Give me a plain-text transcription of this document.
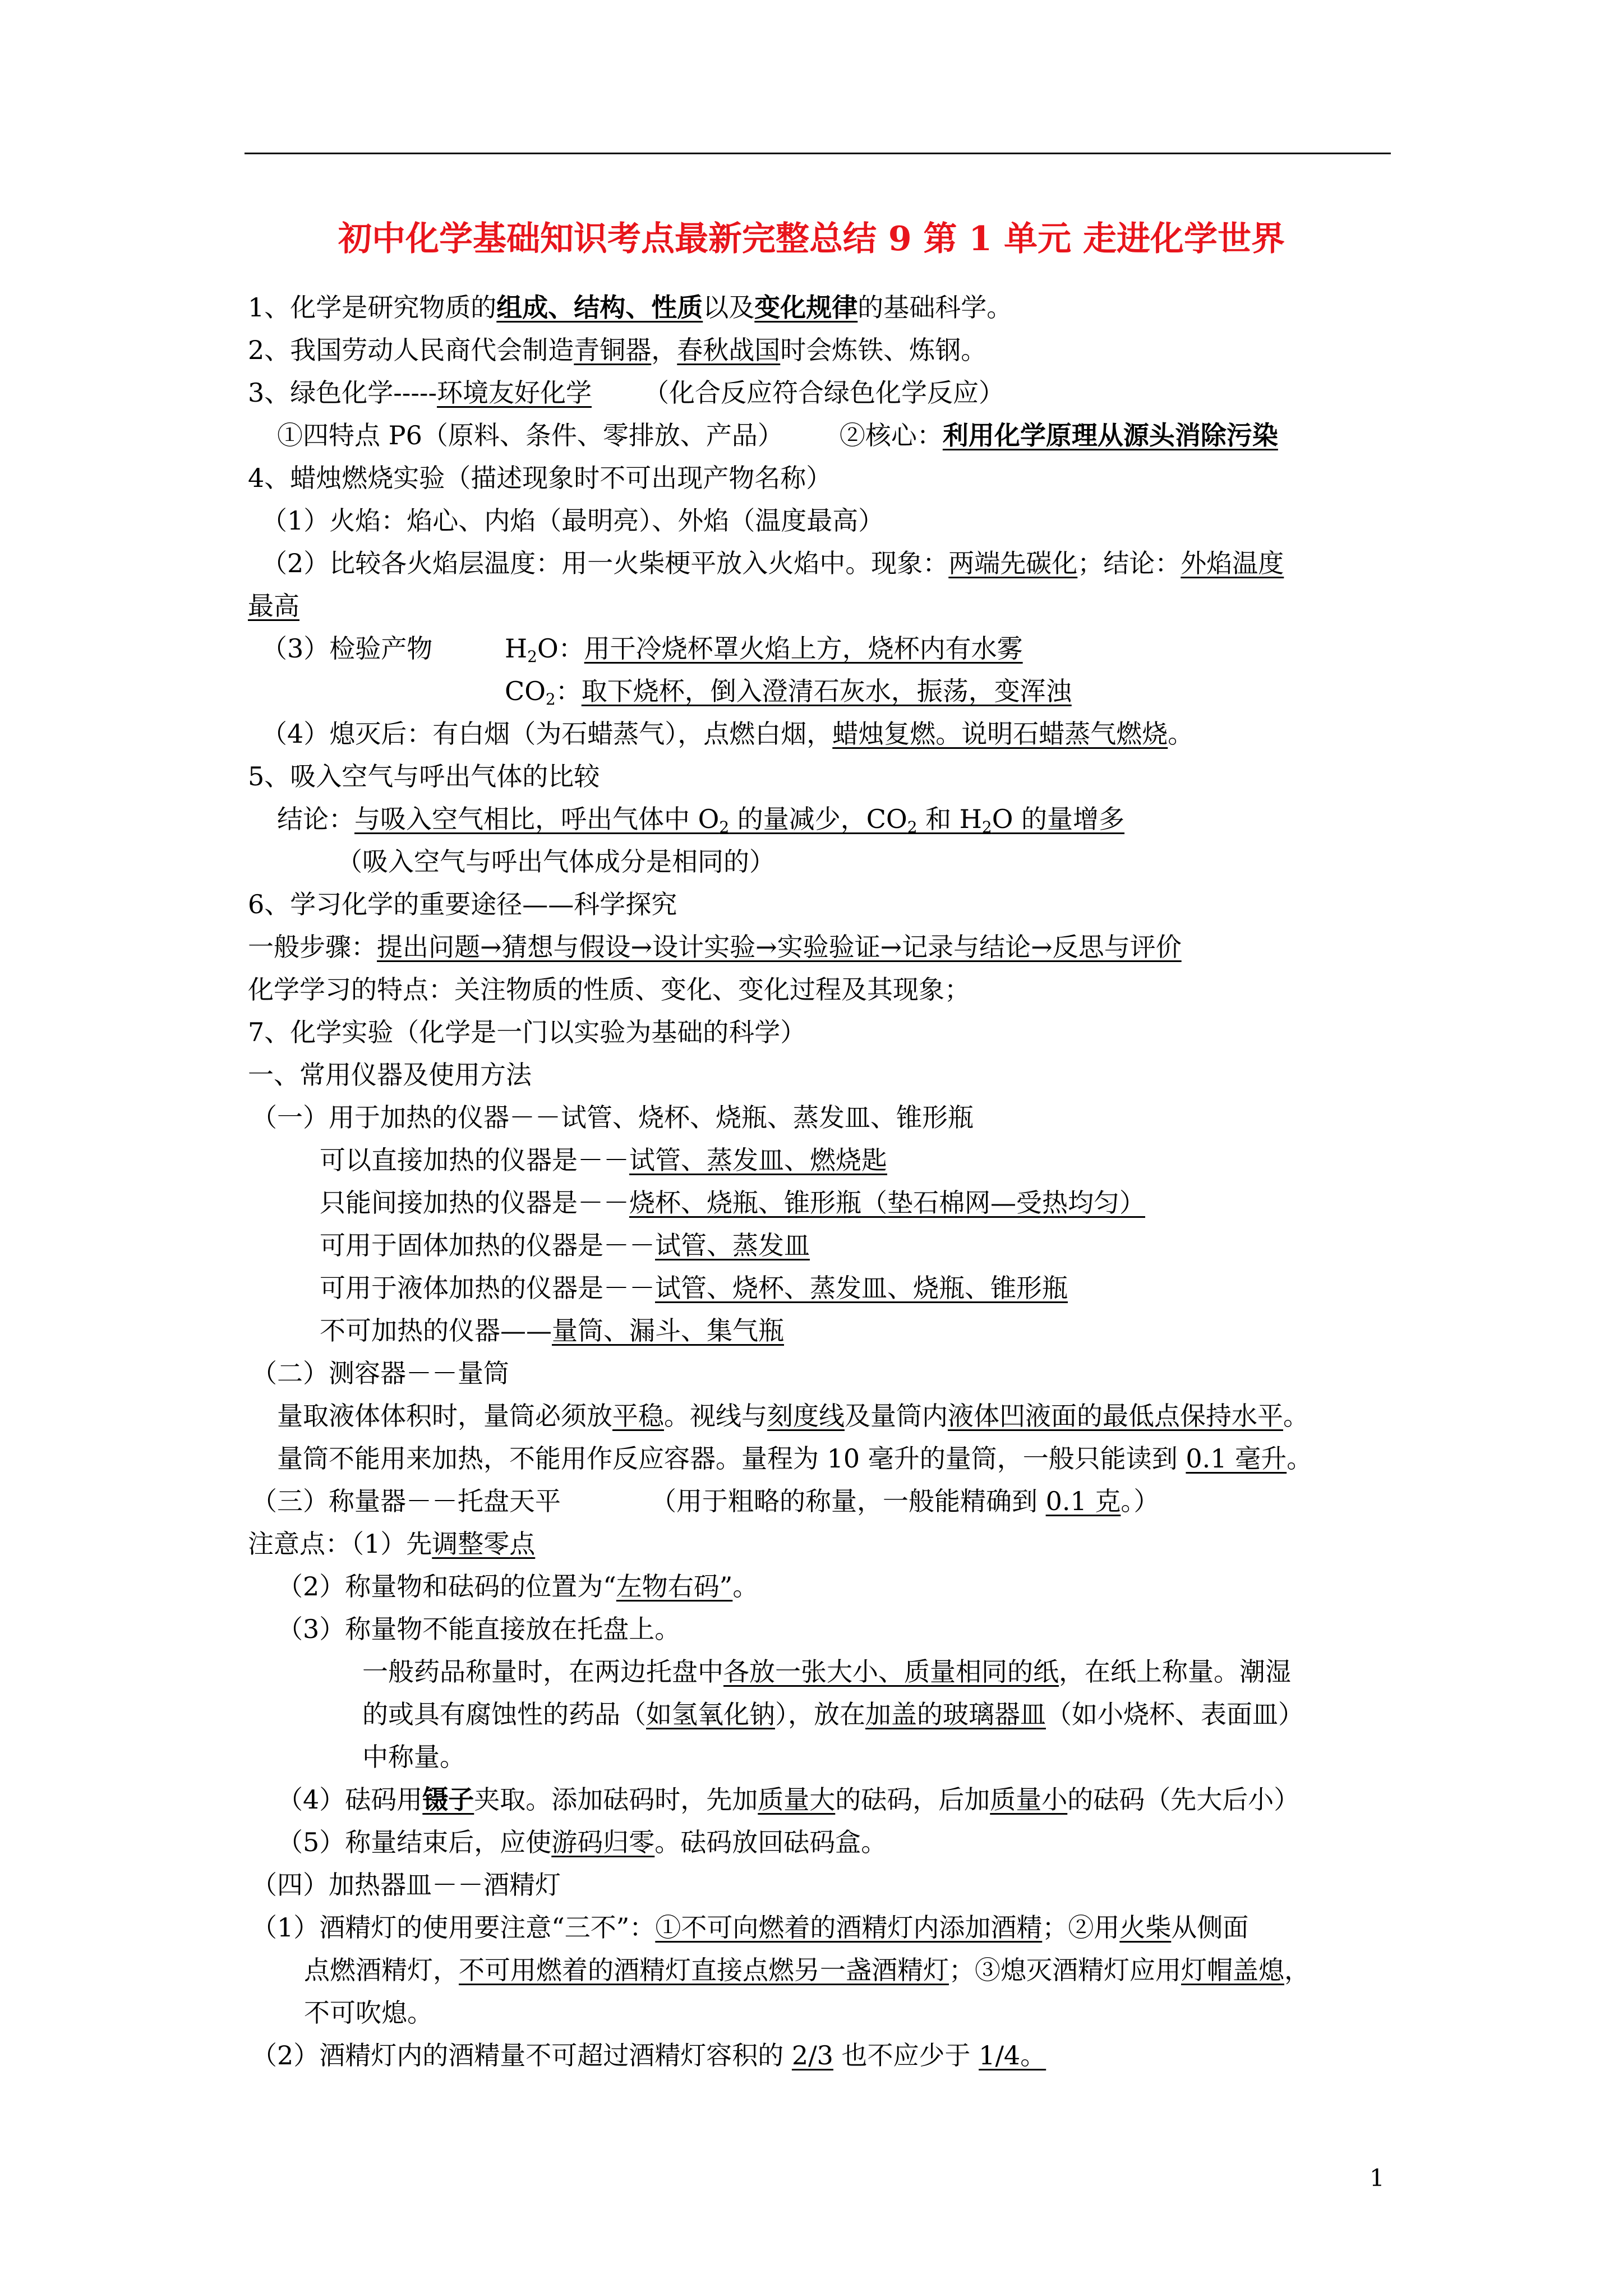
初中化学基础知识考点最新完整总结 9 第 1 单元 走进化学世界
1、化学是研究物质的组成、结构、性质以及变化规律的基础科学。
2、我国劳动人民商代会制造青铜器，春秋战国时会炼铁、炼钢。
3、绿色化学-----环境友好化学 （化合反应符合绿色化学反应）
①四特点 P6（原料、条件、零排放、产品） ②核心：利用化学原理从源头消除污染
4、蜡烛燃烧实验（描述现象时不可出现产物名称）
（1）火焰：焰心、内焰（最明亮）、外焰（温度最高）
（2）比较各火焰层温度：用一火柴梗平放入火焰中。现象：两端先碳化；结论：外焰温度
最高
（3）检验产物	$H_2O$：用干冷烧杯罩火焰上方，烧杯内有水雾
$CO_2$：取下烧杯，倒入澄清石灰水，振荡，变浑浊
（4）熄灭后：有白烟（为石蜡蒸气），点燃白烟，蜡烛复燃。说明石蜡蒸气燃烧。
5、吸入空气与呼出气体的比较
结论：与吸入空气相比，呼出气体中 $O_2$ 的量减少，$CO_2$ 和 $H_2O$ 的量增多
（吸入空气与呼出气体成分是相同的）
6、学习化学的重要途径——科学探究
一般步骤：提出问题→猜想与假设→设计实验→实验验证→记录与结论→反思与评价
化学学习的特点：关注物质的性质、变化、变化过程及其现象；
7、化学实验（化学是一门以实验为基础的科学）
一、常用仪器及使用方法
（一）用于加热的仪器－－试管、烧杯、烧瓶、蒸发皿、锥形瓶
可以直接加热的仪器是－－试管、蒸发皿、燃烧匙
只能间接加热的仪器是－－烧杯、烧瓶、锥形瓶（垫石棉网—受热均匀）
可用于固体加热的仪器是－－试管、蒸发皿
可用于液体加热的仪器是－－试管、烧杯、蒸发皿、烧瓶、锥形瓶
不可加热的仪器——量筒、漏斗、集气瓶
（二）测容器－－量筒
量取液体体积时，量筒必须放平稳。视线与刻度线及量筒内液体凹液面的最低点保持水平。
量筒不能用来加热，不能用作反应容器。量程为 10 毫升的量筒，一般只能读到 0.1 毫升。
（三）称量器－－托盘天平	（用于粗略的称量，一般能精确到 0.1 克。）
注意点：（1）先调整零点
（2）称量物和砝码的位置为“左物右码”。
（3）称量物不能直接放在托盘上。
一般药品称量时，在两边托盘中各放一张大小、质量相同的纸，在纸上称量。潮湿
的或具有腐蚀性的药品（如氢氧化钠），放在加盖的玻璃器皿（如小烧杯、表面皿）
中称量。
（4）砝码用镊子夹取。添加砝码时，先加质量大的砝码，后加质量小的砝码（先大后小）
（5）称量结束后，应使游码归零。砝码放回砝码盒。
（四）加热器皿－－酒精灯
（1）酒精灯的使用要注意“三不”：①不可向燃着的酒精灯内添加酒精；②用火柴从侧面
点燃酒精灯，不可用燃着的酒精灯直接点燃另一盏酒精灯；③熄灭酒精灯应用灯帽盖熄，
不可吹熄。
（2）酒精灯内的酒精量不可超过酒精灯容积的 2/3 也不应少于 1/4。
1
